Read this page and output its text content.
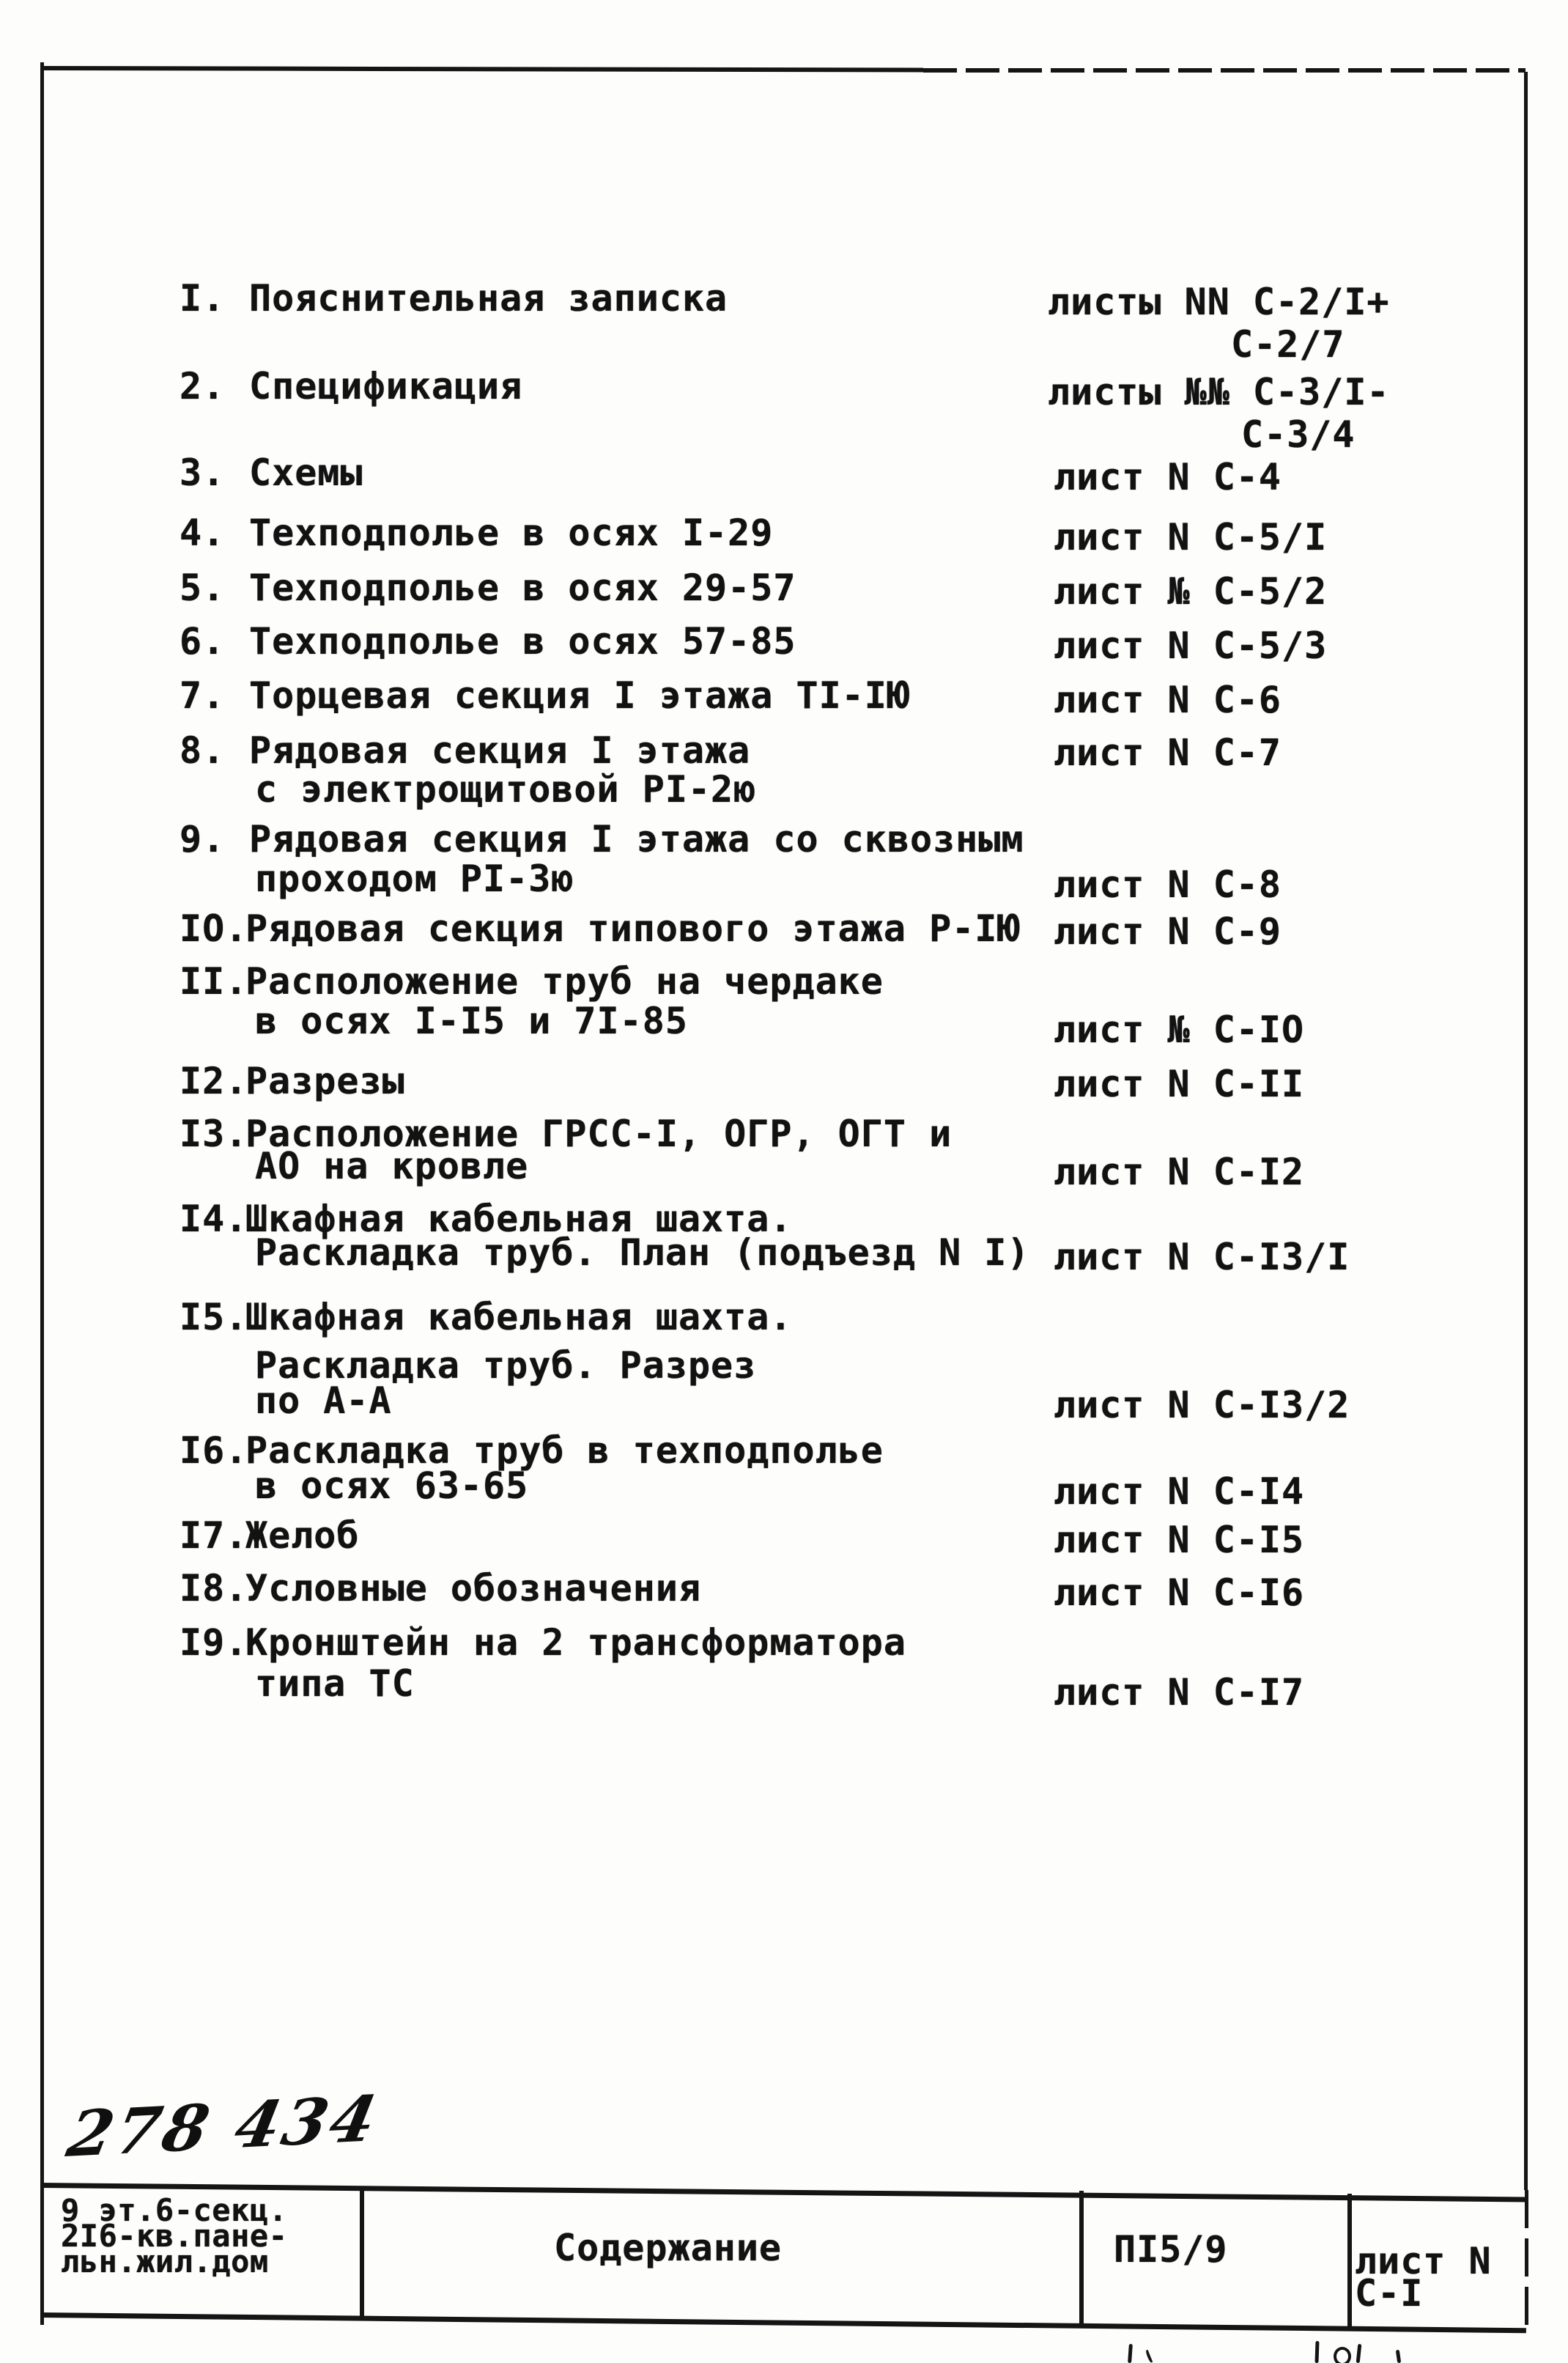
I. Пояснительная записка	листы NN С-2/I+
С-2/7
2. Спецификация	листы №№ С-3/I-
С-3/4
3. Схемы	лист N С-4
4. Техподполье в осях I-29	лист N С-5/I
5. Техподполье в осях 29-57	лист № С-5/2
6. Техподполье в осях 57-85	лист N С-5/3
7. Торцевая секция I этажа ТI-IЮ	лист N С-6
8. Рядовая секция I этажа
с электрощитовой РI-2ю
лист N С-7
9. Рядовая секция I этажа со сквозным
проходом РI-3ю	лист N С-8
IO.
Рядовая секция типового этажа Р-IЮ лист N С-9
II.
Расположение труб на чердаке
в осях I-I5 и 7I-85	лист № С-IO
I2.
Разрезы	лист N С-II
I3.
Расположение ГРСС-I, ОГР, ОГТ и
АО на кровле	лист N С-I2
I4.
Шкафная кабельная шахта.
Раскладка труб. План (подъезд N I) лист N С-I3/I
I5.
Шкафная кабельная шахта.
Раскладка труб. Разрез
по А-А	лист N С-I3/2
I6.
Раскладка труб в техподполье
в осях 63-65	лист N С-I4
I7.
Желоб	лист N С-I5
I8.
Условные обозначения	лист N С-I6
I9.
Кронштейн на 2 трансформатора
типа ТС	лист N С-I7
278 434
9 эт.6-секц.
2I6-кв.пане-
льн.жил.дом	Содержание	ПI5/9	лист N
С-I
